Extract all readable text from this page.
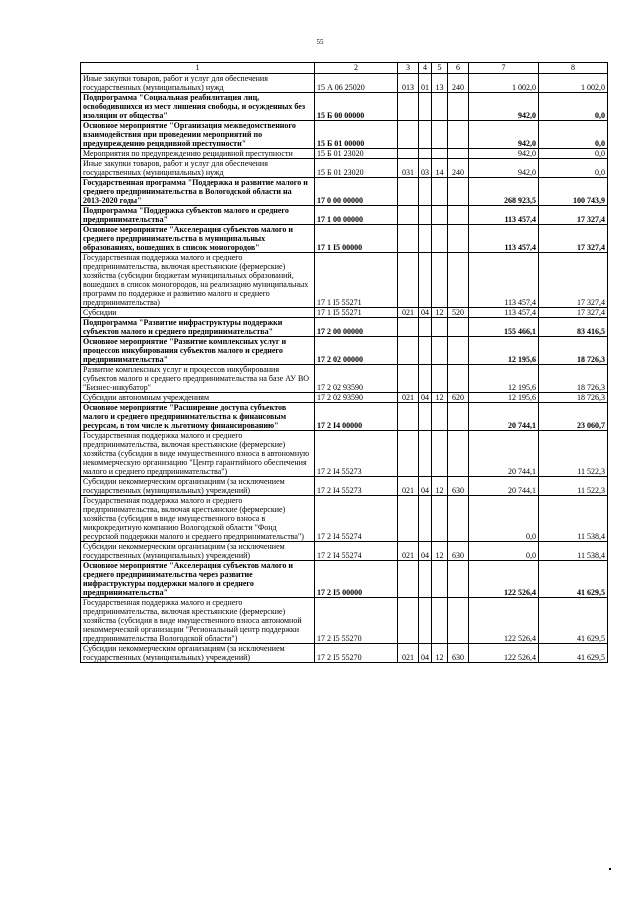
55
1	2	3	4	5	6	7	8
Иные закупки товаров, работ и услуг для обеспечения государственных (муниципальных) нужд	15 А 06 25020	013	01	13	240	1 002,0	1 002,0
Подпрограмма "Социальная реабилитация лиц, освободившихся из мест лишения свободы, и осужденных без изоляции от общества"	15 Б 00 00000					942,0	0,0
Основное мероприятие "Организация межведомственного взаимодействия при проведении мероприятий по предупреждению рецидивной преступности"	15 Б 01 00000					942,0	0,0
Мероприятия по предупреждению рецидивной преступности	15 Б 01 23020					942,0	0,0
Иные закупки товаров, работ и услуг для обеспечения государственных (муниципальных) нужд	15 Б 01 23020	031	03	14	240	942,0	0,0
Государственная программа "Поддержка и развитие малого и среднего предпринимательства в Вологодской области на 2013-2020 годы"	17 0 00 00000					268 923,5	100 743,9
Подпрограмма "Поддержка субъектов малого и среднего предпринимательства"	17 1 00 00000					113 457,4	17 327,4
Основное мероприятие "Акселерация субъектов малого и среднего предпринимательства в муниципальных образованиях, вошедших в список моногородов"	17 1 I5 00000					113 457,4	17 327,4
Государственная поддержка малого и среднего предпринимательства, включая крестьянские (фермерские) хозяйства (субсидии бюджетам муниципальных образований, вошедших в список моногородов, на реализацию муниципальных программ по поддержке и развитию малого и среднего предпринимательства)	17 1 I5 55271					113 457,4	17 327,4
Субсидии	17 1 I5 55271	021	04	12	520	113 457,4	17 327,4
Подпрограмма "Развитие инфраструктуры поддержки субъектов малого и среднего предпринимательства"	17 2 00 00000					155 466,1	83 416,5
Основное мероприятие "Развитие комплексных услуг и процессов инкубирования субъектов малого и среднего предпринимательства"	17 2 02 00000					12 195,6	18 726,3
Развитие комплексных услуг и процессов инкубирования субъектов малого и среднего предпринимательства на базе АУ ВО "Бизнес-инкубатор"	17 2 02 93590					12 195,6	18 726,3
Субсидии автономным учреждениям	17 2 02 93590	021	04	12	620	12 195,6	18 726,3
Основное мероприятие "Расширение доступа субъектов малого и среднего предпринимательства к финансовым ресурсам, в том числе к льготному финансированию"	17 2 I4 00000					20 744,1	23 060,7
Государственная поддержка малого и среднего предпринимательства, включая крестьянские (фермерские) хозяйства (субсидия в виде имущественного взноса в автономную некоммерческую организацию "Центр гарантийного обеспечения малого и среднего предпринимательства")	17 2 I4 55273					20 744,1	11 522,3
Субсидии некоммерческим организациям (за исключением государственных (муниципальных) учреждений)	17 2 I4 55273	021	04	12	630	20 744,1	11 522,3
Государственная поддержка малого и среднего предпринимательства, включая крестьянские (фермерские) хозяйства (субсидия в виде имущественного взноса в микрокредитную компанию Вологодской области "Фонд ресурсной поддержки малого и среднего предпринимательства")	17 2 I4 55274					0,0	11 538,4
Субсидии некоммерческим организациям (за исключением государственных (муниципальных) учреждений)	17 2 I4 55274	021	04	12	630	0,0	11 538,4
Основное мероприятие "Акселерация субъектов малого и среднего предпринимательства через развитие инфраструктуры поддержки малого и среднего предпринимательства"	17 2 I5 00000					122 526,4	41 629,5
Государственная поддержка малого и среднего предпринимательства, включая крестьянские (фермерские) хозяйства (субсидия в виде имущественного взноса автономной некоммерческой организации "Региональный центр поддержки предпринимательства Вологодской области")	17 2 I5 55270					122 526,4	41 629,5
Субсидии некоммерческим организациям (за исключением государственных (муниципальных) учреждений)	17 2 I5 55270	021	04	12	630	122 526,4	41 629,5
